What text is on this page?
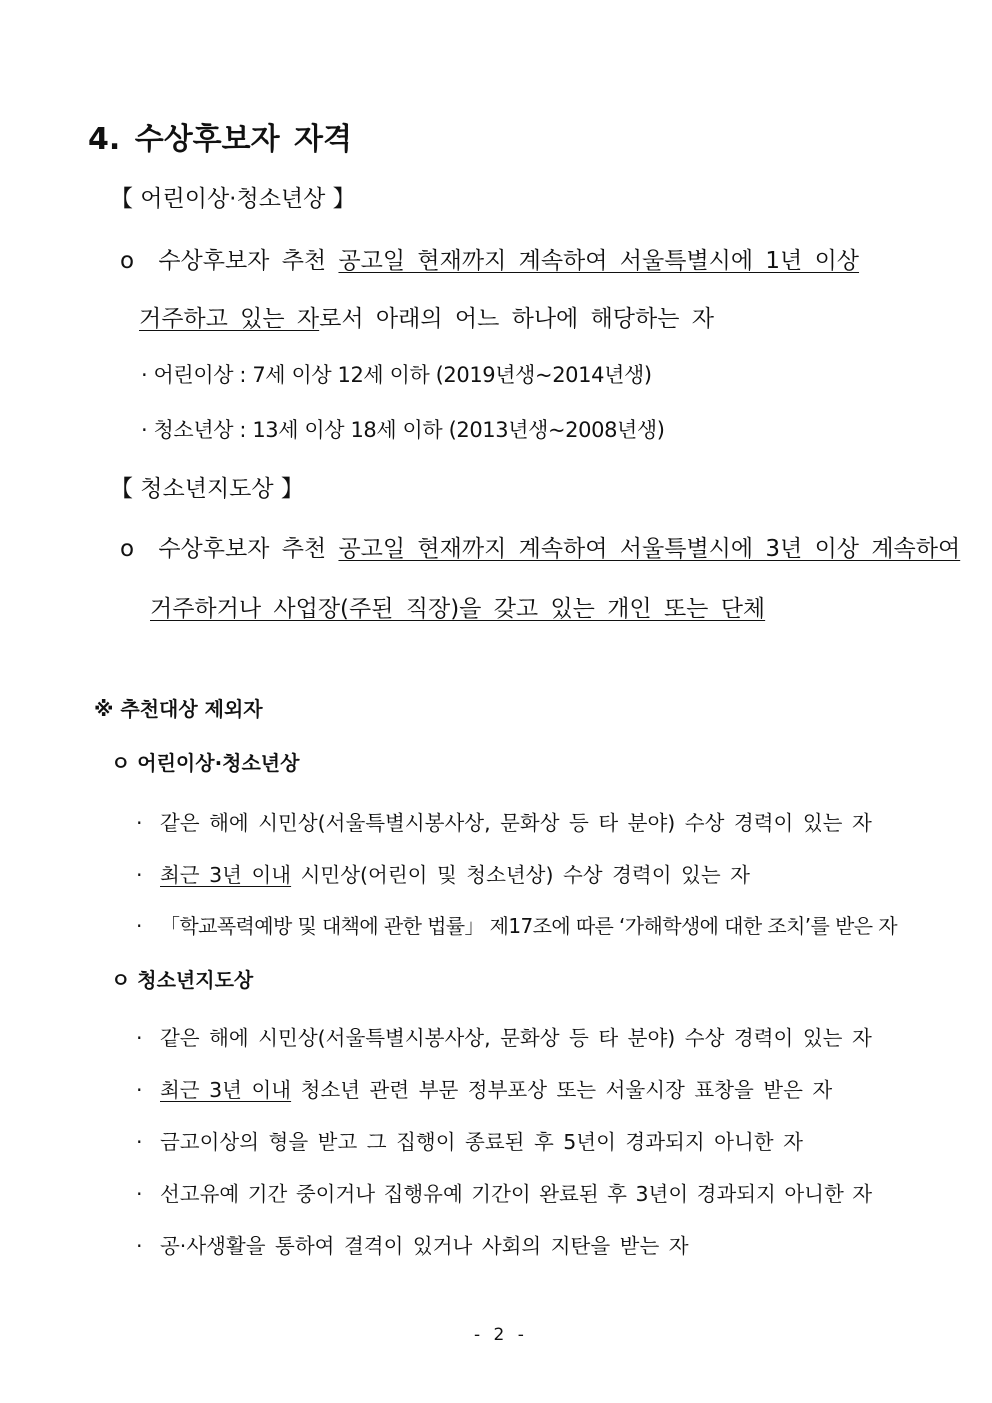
4. 수상후보자 자격
【 어린이상·청소년상 】
o 수상후보자 추천 공고일 현재까지 계속하여 서울특별시에 1년 이상
거주하고 있는 자로서 아래의 어느 하나에 해당하는 자
· 어린이상 : 7세 이상 12세 이하 (2019년생~2014년생)
· 청소년상 : 13세 이상 18세 이하 (2013년생~2008년생)
【 청소년지도상 】
o 수상후보자 추천 공고일 현재까지 계속하여 서울특별시에 3년 이상 계속하여
거주하거나 사업장(주된 직장)을 갖고 있는 개인 또는 단체
※ 추천대상 제외자
ㅇ 어린이상·청소년상
· 같은 해에 시민상(서울특별시봉사상, 문화상 등 타 분야) 수상 경력이 있는 자
· 최근 3년 이내 시민상(어린이 및 청소년상) 수상 경력이 있는 자
· 「학교폭력예방 및 대책에 관한 법률」 제17조에 따른 ‘가해학생에 대한 조치’를 받은 자
ㅇ 청소년지도상
· 같은 해에 시민상(서울특별시봉사상, 문화상 등 타 분야) 수상 경력이 있는 자
· 최근 3년 이내 청소년 관련 부문 정부포상 또는 서울시장 표창을 받은 자
· 금고이상의 형을 받고 그 집행이 종료된 후 5년이 경과되지 아니한 자
· 선고유예 기간 중이거나 집행유예 기간이 완료된 후 3년이 경과되지 아니한 자
· 공·사생활을 통하여 결격이 있거나 사회의 지탄을 받는 자
- 2 -
